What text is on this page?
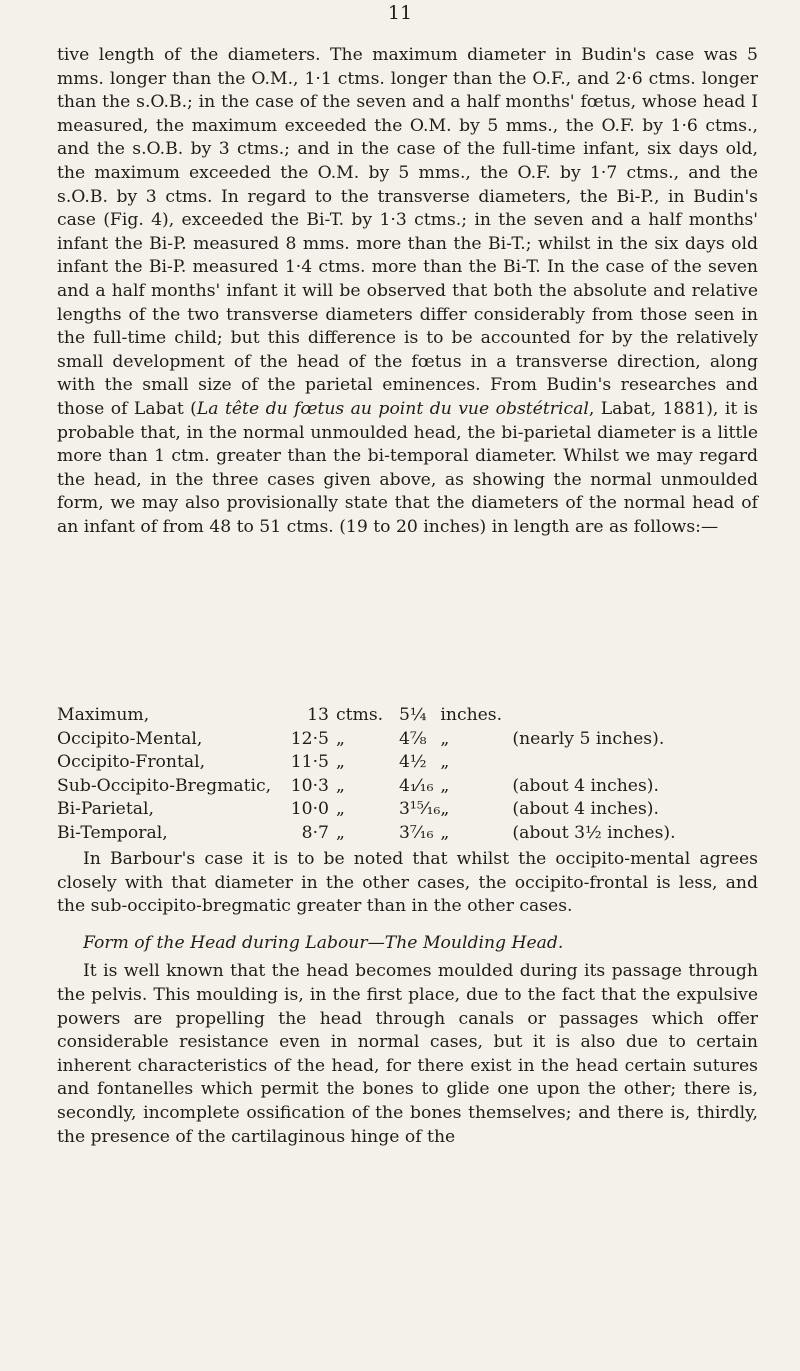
11

tive length of the diameters. The maximum diameter in Budin's case was 5 mms. longer than the O.M., 1·1 ctms. longer than the O.F., and 2·6 ctms. longer than the s.O.B.; in the case of the seven and a half months' fœtus, whose head I measured, the maximum exceeded the O.M. by 5 mms., the O.F. by 1·6 ctms., and the s.O.B. by 3 ctms.; and in the case of the full-time infant, six days old, the maximum exceeded the O.M. by 5 mms., the O.F. by 1·7 ctms., and the s.O.B. by 3 ctms. In regard to the transverse diameters, the Bi-P., in Budin's case (Fig. 4), exceeded the Bi-T. by 1·3 ctms.; in the seven and a half months' infant the Bi-P. measured 8 mms. more than the Bi-T.; whilst in the six days old infant the Bi-P. measured 1·4 ctms. more than the Bi-T. In the case of the seven and a half months' infant it will be observed that both the absolute and relative lengths of the two transverse diameters differ considerably from those seen in the full-time child; but this difference is to be accounted for by the relatively small development of the head of the fœtus in a transverse direction, along with the small size of the parietal eminences. From Budin's researches and those of Labat (La tête du fœtus au point du vue obstétrical, Labat, 1881), it is probable that, in the normal unmoulded head, the bi-parietal diameter is a little more than 1 ctm. greater than the bi-temporal diameter. Whilst we may regard the head, in the three cases given above, as showing the normal unmoulded form, we may also provisionally state that the diameters of the normal head of an infant of from 48 to 51 ctms. (19 to 20 inches) in length are as follows:—

Maximum,	13	ctms.	5¼	inches.	
Occipito-Mental,	12·5	„	4⅞	„	(nearly 5 inches).
Occipito-Frontal,	11·5	„	4½	„	
Sub-Occipito-Bregmatic,	10·3	„	4₁⁄₁₆	„	(about 4 inches).
Bi-Parietal,	10·0	„	3¹⁵⁄₁₆	„	(about 4 inches).
Bi-Temporal,	8·7	„	3⁷⁄₁₆	„	(about 3½ inches).

In Barbour's case it is to be noted that whilst the occipito-mental agrees closely with that diameter in the other cases, the occipito-frontal is less, and the sub-occipito-bregmatic greater than in the other cases.

Form of the Head during Labour—The Moulding Head.

It is well known that the head becomes moulded during its passage through the pelvis. This moulding is, in the first place, due to the fact that the expulsive powers are propelling the head through canals or passages which offer considerable resistance even in normal cases, but it is also due to certain inherent characteristics of the head, for there exist in the head certain sutures and fontanelles which permit the bones to glide one upon the other; there is, secondly, incomplete ossification of the bones themselves; and there is, thirdly, the presence of the cartilaginous hinge of the
